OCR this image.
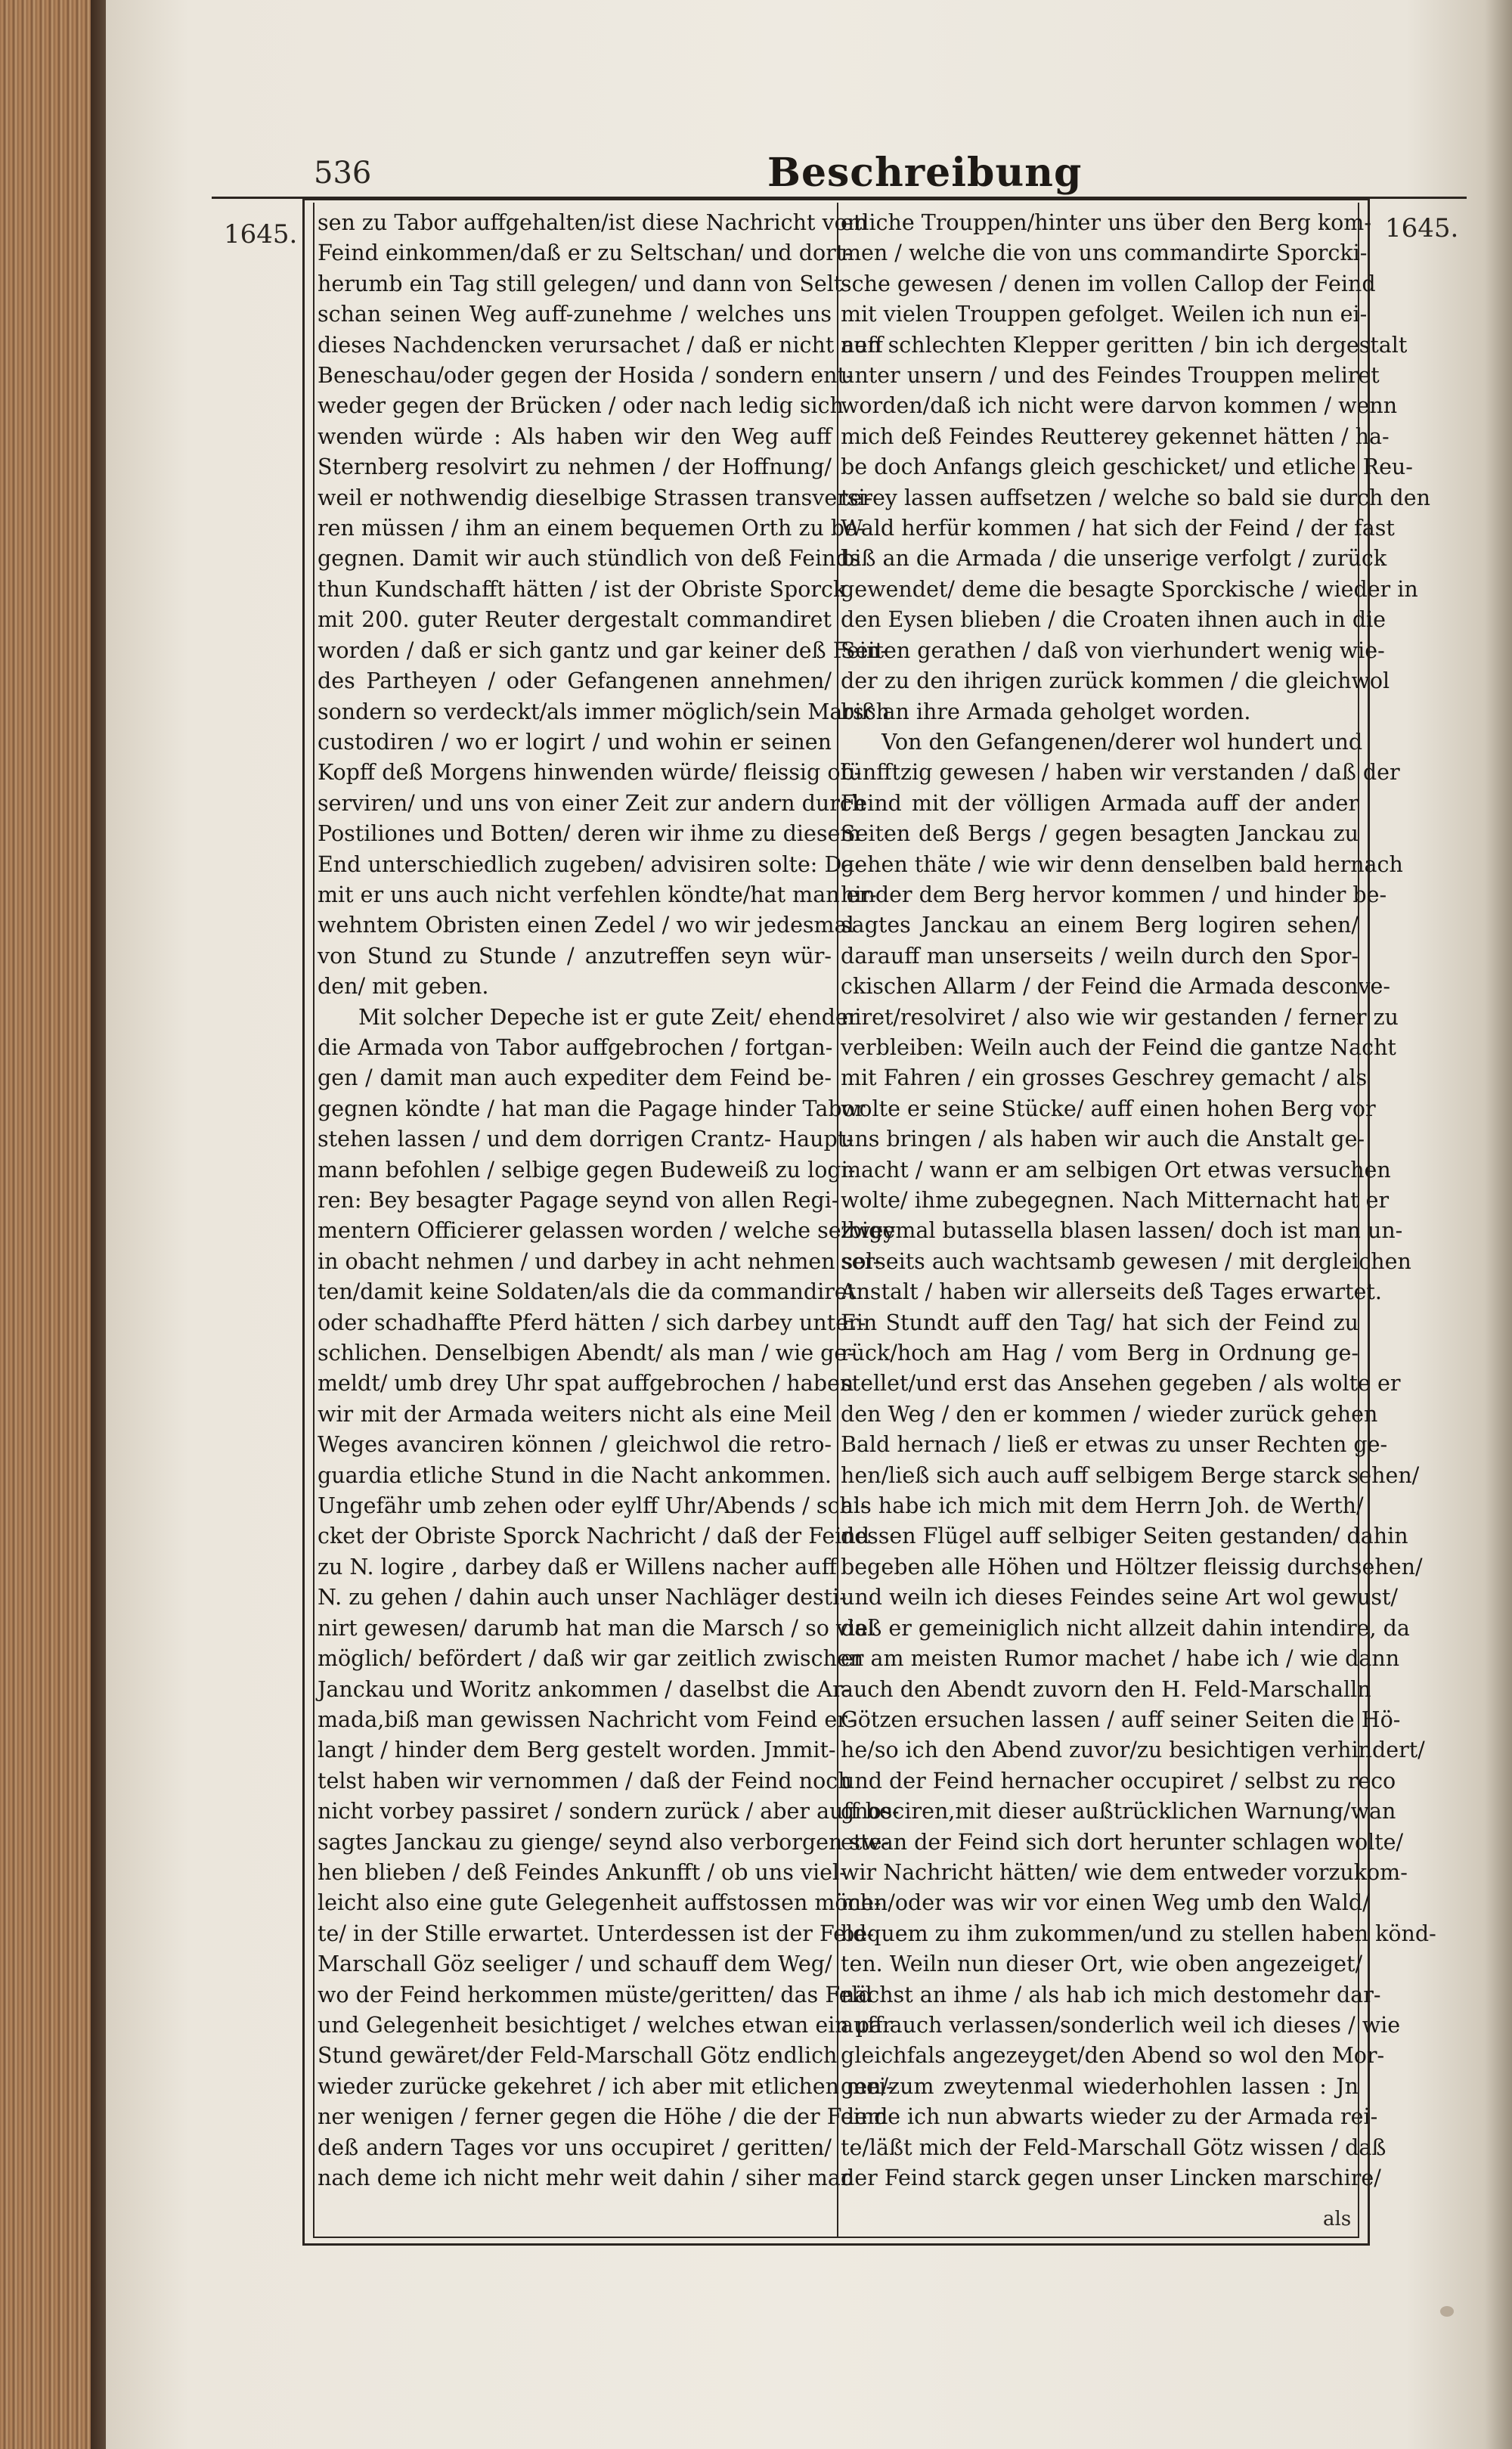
536	Beschreibung
1645.	1645.
sen zu Tabor auffgehalten/ist diese Nachricht vom
Feind einkommen/daß er zu Seltschan/ und dort-
herumb ein Tag still gelegen/ und dann von Selt-
schan seinen Weg auff-zunehme / welches uns
dieses Nachdencken verursachet / daß er nicht auff
Beneschau/oder gegen der Hosida / sondern ent-
weder gegen der Brücken / oder nach ledig sich
wenden würde : Als haben wir den Weg auff
Sternberg resolvirt zu nehmen / der Hoffnung/
weil er nothwendig dieselbige Strassen transversi-
ren müssen / ihm an einem bequemen Orth zu be-
gegnen. Damit wir auch stündlich von deß Feinds
thun Kundschafft hätten / ist der Obriste Sporck
mit 200. guter Reuter dergestalt commandiret
worden / daß er sich gantz und gar keiner deß Fein-
des Partheyen / oder Gefangenen annehmen/
sondern so verdeckt/als immer möglich/sein Marsch
custodiren / wo er logirt / und wohin er seinen
Kopff deß Morgens hinwenden würde/ fleissig ob-
serviren/ und uns von einer Zeit zur andern durch
Postiliones und Botten/ deren wir ihme zu diesem
End unterschiedlich zugeben/ advisiren solte: Da-
mit er uns auch nicht verfehlen köndte/hat man er-
wehntem Obristen einen Zedel / wo wir jedesmal
von Stund zu Stunde / anzutreffen seyn wür-
den/ mit geben.
Mit solcher Depeche ist er gute Zeit/ ehender
die Armada von Tabor auffgebrochen / fortgan-
gen / damit man auch expediter dem Feind be-
gegnen köndte / hat man die Pagage hinder Tabor
stehen lassen / und dem dorrigen Crantz- Haupt-
mann befohlen / selbige gegen Budeweiß zu logi-
ren: Bey besagter Pagage seynd von allen Regi-
mentern Officierer gelassen worden / welche selbige
in obacht nehmen / und darbey in acht nehmen sol-
ten/damit keine Soldaten/als die da commandiret
oder schadhaffte Pferd hätten / sich darbey unter-
schlichen. Denselbigen Abendt/ als man / wie ge-
meldt/ umb drey Uhr spat auffgebrochen / haben
wir mit der Armada weiters nicht als eine Meil
Weges avanciren können / gleichwol die retro-
guardia etliche Stund in die Nacht ankommen.
Ungefähr umb zehen oder eylff Uhr/Abends / schi-
cket der Obriste Sporck Nachricht / daß der Feind
zu N. logire , darbey daß er Willens nacher auff
N. zu gehen / dahin auch unser Nachläger desti-
nirt gewesen/ darumb hat man die Marsch / so viel
möglich/ befördert / daß wir gar zeitlich zwischen
Janckau und Woritz ankommen / daselbst die Ar-
mada,biß man gewissen Nachricht vom Feind er-
langt / hinder dem Berg gestelt worden. Jmmit-
telst haben wir vernommen / daß der Feind noch
nicht vorbey passiret / sondern zurück / aber auff be-
sagtes Janckau zu gienge/ seynd also verborgen ste-
hen blieben / deß Feindes Ankunfft / ob uns viel-
leicht also eine gute Gelegenheit auffstossen möch-
te/ in der Stille erwartet. Unterdessen ist der Feld-
Marschall Göz seeliger / und schauff dem Weg/
wo der Feind herkommen müste/geritten/ das Feld
und Gelegenheit besichtiget / welches etwan ein par
Stund gewäret/der Feld-Marschall Götz endlich
wieder zurücke gekehret / ich aber mit etlichen mei-
ner wenigen / ferner gegen die Höhe / die der Feind
deß andern Tages vor uns occupiret / geritten/
nach deme ich nicht mehr weit dahin / siher man
etliche Trouppen/hinter uns über den Berg kom-
men / welche die von uns commandirte Sporcki-
sche gewesen / denen im vollen Callop der Feind
mit vielen Trouppen gefolget. Weilen ich nun ei-
nen schlechten Klepper geritten / bin ich dergestalt
unter unsern / und des Feindes Trouppen meliret
worden/daß ich nicht were darvon kommen / wenn
mich deß Feindes Reutterey gekennet hätten / ha-
be doch Anfangs gleich geschicket/ und etliche Reu-
terey lassen auffsetzen / welche so bald sie durch den
Wald herfür kommen / hat sich der Feind / der fast
biß an die Armada / die unserige verfolgt / zurück
gewendet/ deme die besagte Sporckische / wieder in
den Eysen blieben / die Croaten ihnen auch in die
Seiten gerathen / daß von vierhundert wenig wie-
der zu den ihrigen zurück kommen / die gleichwol
biß an ihre Armada geholget worden.
Von den Gefangenen/derer wol hundert und
fünfftzig gewesen / haben wir verstanden / daß der
Feind mit der völligen Armada auff der ander
Seiten deß Bergs / gegen besagten Janckau zu
gehen thäte / wie wir denn denselben bald hernach
hinder dem Berg hervor kommen / und hinder be-
sagtes Janckau an einem Berg logiren sehen/
darauff man unserseits / weiln durch den Spor-
ckischen Allarm / der Feind die Armada desconve-
niret/resolviret / also wie wir gestanden / ferner zu
verbleiben: Weiln auch der Feind die gantze Nacht
mit Fahren / ein grosses Geschrey gemacht / als
wolte er seine Stücke/ auff einen hohen Berg vor
uns bringen / als haben wir auch die Anstalt ge-
macht / wann er am selbigen Ort etwas versuchen
wolte/ ihme zubegegnen. Nach Mitternacht hat er
zweymal butassella blasen lassen/ doch ist man un-
serseits auch wachtsamb gewesen / mit dergleichen
Anstalt / haben wir allerseits deß Tages erwartet.
Ein Stundt auff den Tag/ hat sich der Feind zu
rück/hoch am Hag / vom Berg in Ordnung ge-
stellet/und erst das Ansehen gegeben / als wolte er
den Weg / den er kommen / wieder zurück gehen
Bald hernach / ließ er etwas zu unser Rechten ge-
hen/ließ sich auch auff selbigem Berge starck sehen/
als habe ich mich mit dem Herrn Joh. de Werth/
dessen Flügel auff selbiger Seiten gestanden/ dahin
begeben alle Höhen und Höltzer fleissig durchsehen/
und weiln ich dieses Feindes seine Art wol gewust/
daß er gemeiniglich nicht allzeit dahin intendire, da
er am meisten Rumor machet / habe ich / wie dann
auch den Abendt zuvorn den H. Feld-Marschalln
Götzen ersuchen lassen / auff seiner Seiten die Hö-
he/so ich den Abend zuvor/zu besichtigen verhindert/
und der Feind hernacher occupiret / selbst zu reco
gnosciren,mit dieser außtrücklichen Warnung/wan
etwan der Feind sich dort herunter schlagen wolte/
wir Nachricht hätten/ wie dem entweder vorzukom-
men/oder was wir vor einen Weg umb den Wald/
bequem zu ihm zukommen/und zu stellen haben könd-
ten. Weiln nun dieser Ort, wie oben angezeiget/
nächst an ihme / als hab ich mich destomehr dar-
auff auch verlassen/sonderlich weil ich dieses / wie
gleichfals angezeyget/den Abend so wol den Mor-
gen/zum zweytenmal wiederhohlen lassen : Jn
deme ich nun abwarts wieder zu der Armada rei-
te/läßt mich der Feld-Marschall Götz wissen / daß
der Feind starck gegen unser Lincken marschire/
als
